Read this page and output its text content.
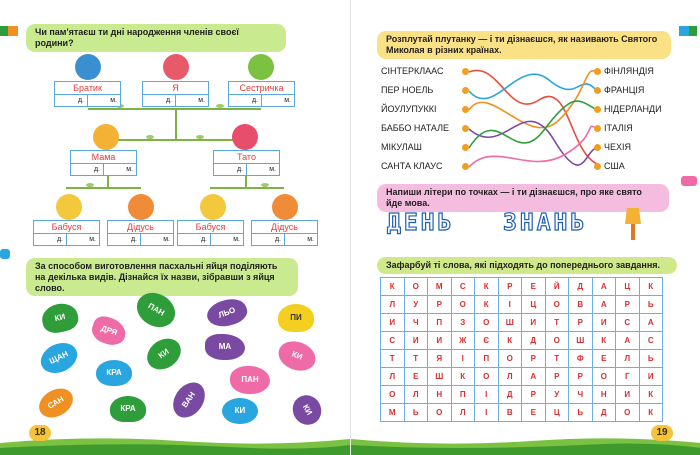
Чи пам'ятаєш ти дні народження членів своєї родини?
Братик
д.	м.
Я
д.	м.
Сестричка
д.	м.
Мама
д.	м.
Тато
д.	м.
Бабуся
д.	м.
Дідусь
д.	м.
Бабуся
д.	м.
Дідусь
д.	м.
За способом виготовлення пасхальні яйця поділяють на декілька видів. Дізнайся їх назви, зібравши з яйця слово.
КИ
ДРЯ
ПАН	ЛЬО	ПИ
ЩАН
КРА
КИ
МА
КИ
САН	КРА	ВАН
ПАН
КИ	КИ
18
Розплутай плутанку — і ти дізнаєшся, як називають Святого Миколая в різних країнах.
СІНТЕРКЛААС
ПЕР НОЕЛЬ
ЙОУЛУПУККІ
БАББО НАТАЛЕ
МІКУЛАШ
САНТА КЛАУС
ФІНЛЯНДІЯ
ФРАНЦІЯ
НІДЕРЛАНДИ
ІТАЛІЯ
ЧЕХІЯ
США
Напиши літери по точках — і ти дізнаєшся, про яке свято йде мова.
ДЕНЬ ЗНАНЬ
Зафарбуй ті слова, які підходять до попереднього завдання.
К	О	М	С	К	Р	Е	Й	Д	А	Ц	К
Л	У	Р	О	К	І	Ц	О	В	А	Р	Ь
И	Ч	П	З	О	Ш	И	Т	Р	И	С	А
С	И	И	Ж	Є	К	Д	О	Ш	К	А	С
Т	Т	Я	І	П	О	Р	Т	Ф	Е	Л	Ь
Л	Е	Ш	К	О	Л	А	Р	Р	О	Г	И
О	Л	Н	П	І	Д	Р	У	Ч	Н	И	К
М	Ь	О	Л	І	В	Е	Ц	Ь	Д	О	К
19
